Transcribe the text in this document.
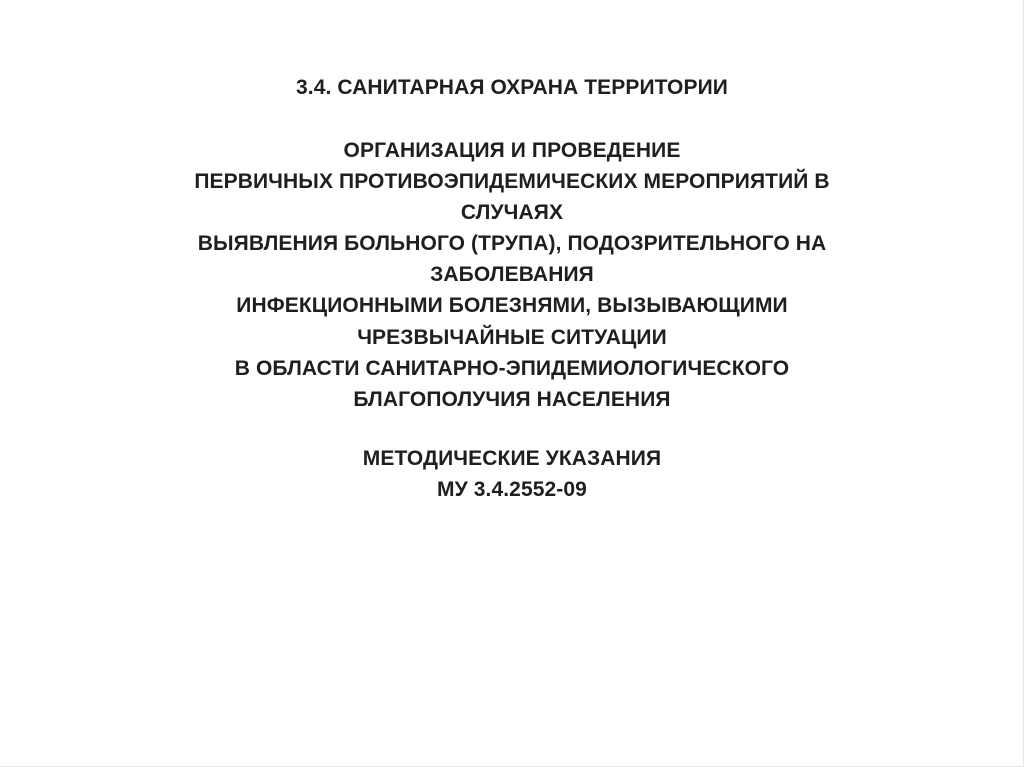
3.4. САНИТАРНАЯ ОХРАНА ТЕРРИТОРИИ
ОРГАНИЗАЦИЯ И ПРОВЕДЕНИЕ
ПЕРВИЧНЫХ ПРОТИВОЭПИДЕМИЧЕСКИХ МЕРОПРИЯТИЙ В
СЛУЧАЯХ
ВЫЯВЛЕНИЯ БОЛЬНОГО (ТРУПА), ПОДОЗРИТЕЛЬНОГО НА
ЗАБОЛЕВАНИЯ
ИНФЕКЦИОННЫМИ БОЛЕЗНЯМИ, ВЫЗЫВАЮЩИМИ
ЧРЕЗВЫЧАЙНЫЕ СИТУАЦИИ
В ОБЛАСТИ САНИТАРНО-ЭПИДЕМИОЛОГИЧЕСКОГО
БЛАГОПОЛУЧИЯ НАСЕЛЕНИЯ
МЕТОДИЧЕСКИЕ УКАЗАНИЯ
МУ 3.4.2552-09
